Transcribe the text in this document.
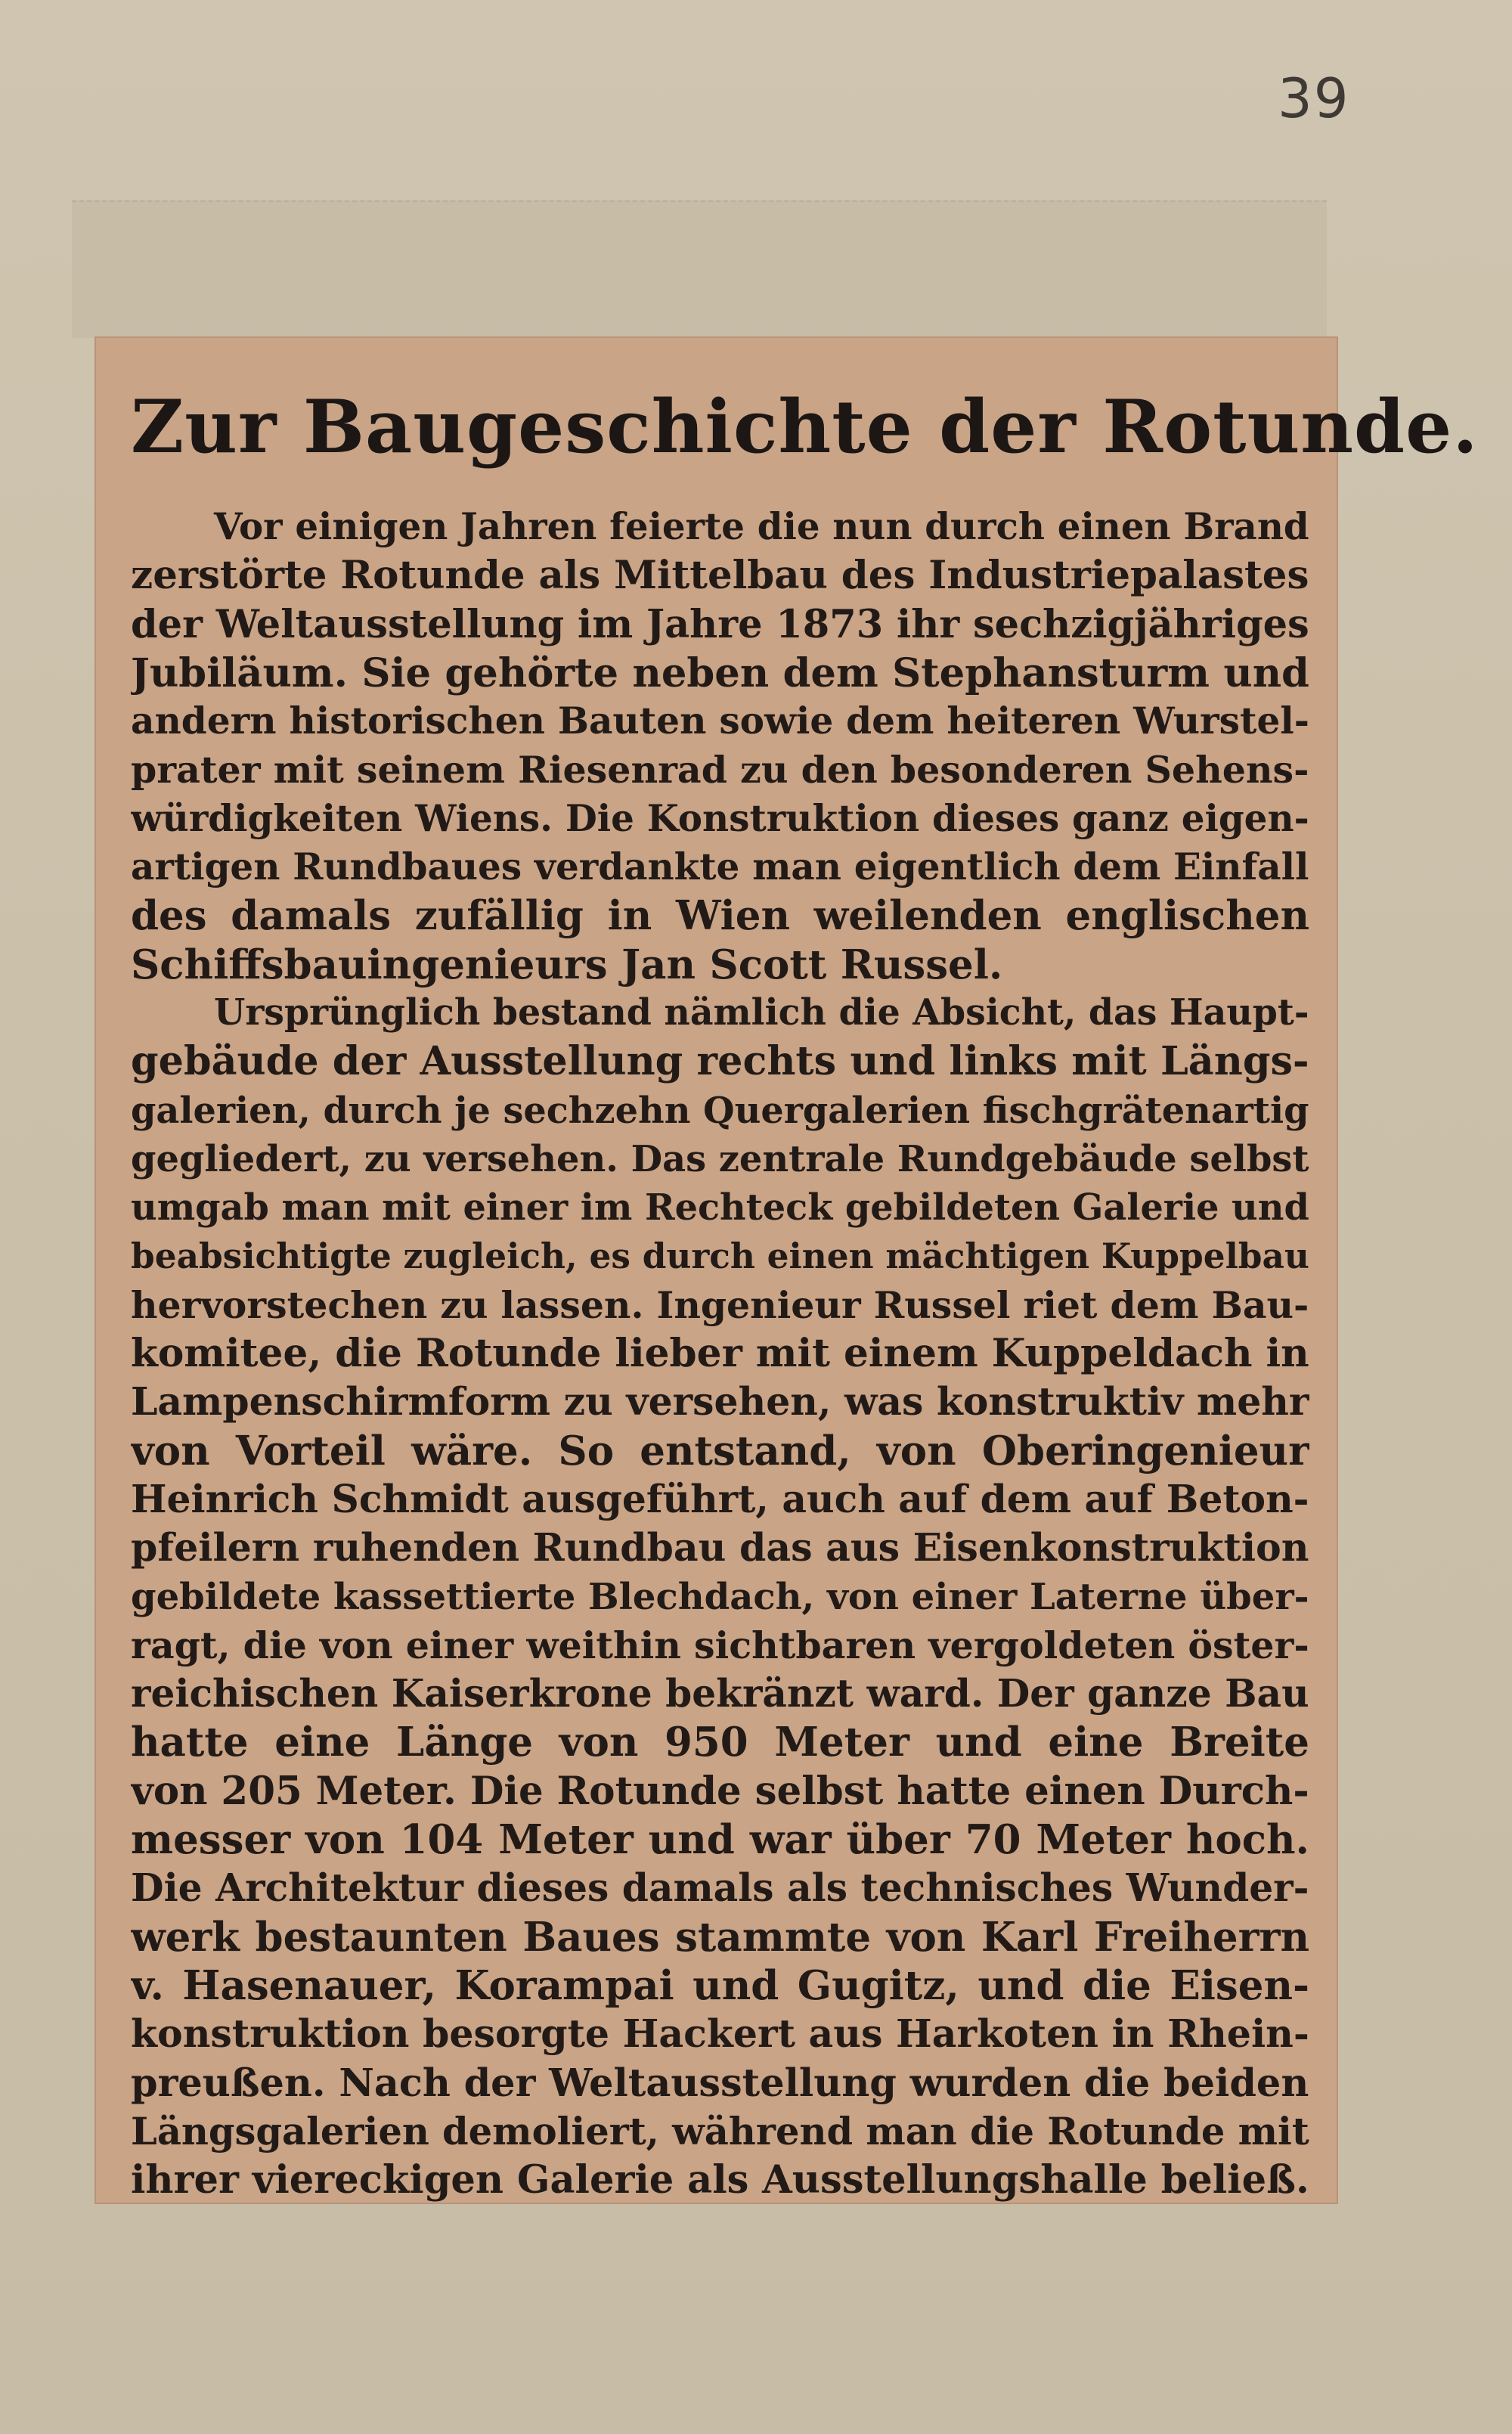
39
Zur Baugeschichte der Rotunde.
Vor einigen Jahren feierte die nun durch einen Brand
zerstörte Rotunde als Mittelbau des Industriepalastes
der Weltausstellung im Jahre 1873 ihr sechzigjähriges
Jubiläum. Sie gehörte neben dem Stephansturm und
andern historischen Bauten sowie dem heiteren Wurstel-
prater mit seinem Riesenrad zu den besonderen Sehens-
würdigkeiten Wiens. Die Konstruktion dieses ganz eigen-
artigen Rundbaues verdankte man eigentlich dem Einfall
des damals zufällig in Wien weilenden englischen
Schiffsbauingenieurs Jan Scott Russel.
Ursprünglich bestand nämlich die Absicht, das Haupt-
gebäude der Ausstellung rechts und links mit Längs-
galerien, durch je sechzehn Quergalerien fischgrätenartig
gegliedert, zu versehen. Das zentrale Rundgebäude selbst
umgab man mit einer im Rechteck gebildeten Galerie und
beabsichtigte zugleich, es durch einen mächtigen Kuppelbau
hervorstechen zu lassen. Ingenieur Russel riet dem Bau-
komitee, die Rotunde lieber mit einem Kuppeldach in
Lampenschirmform zu versehen, was konstruktiv mehr
von Vorteil wäre. So entstand, von Oberingenieur
Heinrich Schmidt ausgeführt, auch auf dem auf Beton-
pfeilern ruhenden Rundbau das aus Eisenkonstruktion
gebildete kassettierte Blechdach, von einer Laterne über-
ragt, die von einer weithin sichtbaren vergoldeten öster-
reichischen Kaiserkrone bekränzt ward. Der ganze Bau
hatte eine Länge von 950 Meter und eine Breite
von 205 Meter. Die Rotunde selbst hatte einen Durch-
messer von 104 Meter und war über 70 Meter hoch.
Die Architektur dieses damals als technisches Wunder-
werk bestaunten Baues stammte von Karl Freiherrn
v. Hasenauer, Korampai und Gugitz, und die Eisen-
konstruktion besorgte Hackert aus Harkoten in Rhein-
preußen. Nach der Weltausstellung wurden die beiden
Längsgalerien demoliert, während man die Rotunde mit
ihrer viereckigen Galerie als Ausstellungshalle beließ.
